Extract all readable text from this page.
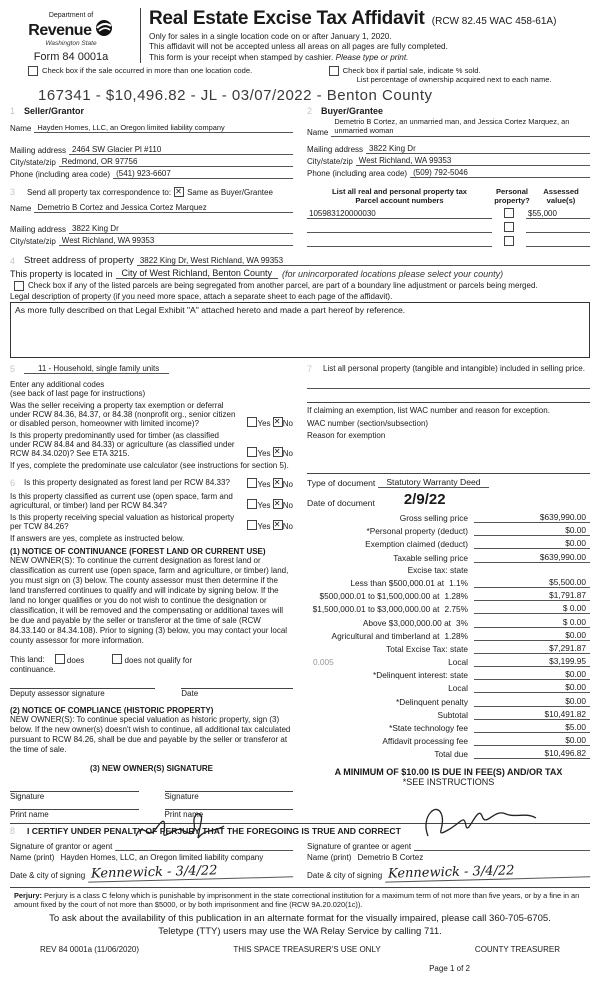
Department of
Revenue
Washington State
Form 84 0001a
Real Estate Excise Tax Affidavit (RCW 82.45 WAC 458-61A)
Only for sales in a single location code on or after January 1, 2020.
This affidavit will not be accepted unless all areas on all pages are fully completed.
This form is your receipt when stamped by cashier. Please type or print.
Check box if the sale occurred in more than one location code.	Check box if partial sale, indicate % sold.
List percentage of ownership acquired next to each name.
167341 - $10,496.82 - JL - 03/07/2022 - Benton County
1 Seller/Grantor
Name Hayden Homes, LLC, an Oregon limited liability company
Mailing address 2464 SW Glacier Pl #110
City/state/zip Redmond, OR 97756
Phone (including area code) (541) 923-6607
2 Buyer/Grantee
Name
Demetrio B Cortez, an unmarried man, and Jessica Cortez Marquez, an unmarried woman
Mailing address 3822 King Dr
City/state/zip West Richland, WA 99353
Phone (including area code) (509) 792-5046
3	Send all property tax correspondence to: ✕ Same as Buyer/Grantee
Name Demetrio B Cortez and Jessica Cortez Marquez
Mailing address 3822 King Dr
City/state/zip West Richland, WA 99353
List all real and personal property tax
Parcel account numbers
Personal
property?
Assessed
value(s)
105983120000030	$55,000
4 Street address of property 3822 King Dr, West Richland, WA 99353
This property is located in	City of West Richland, Benton County	(for unincorporated locations please select your county)
Check box if any of the listed parcels are being segregated from another parcel, are part of a boundary line adjustment or parcels being merged.
Legal description of property (if you need more space, attach a separate sheet to each page of the affidavit).
As more fully described on that Legal Exhibit "A" attached hereto and made a part hereof by reference.
5	11 - Household, single family units
Enter any additional codes
(see back of last page for instructions)
Was the seller receiving a property tax exemption or deferral under RCW 84.36, 84.37, or 84.38 (nonprofit org., senior citizen or disabled person, homeowner with limited income)?	Yes ✕ No
Is this property predominantly used for timber (as classified under RCW 84.84 and 84.33) or agriculture (as classified under RCW 84.34.020)? See ETA 3215.	Yes ✕ No
If yes, complete the predominate use calculator (see instructions for section 5).
6	Is this property designated as forest land per RCW 84.33?	Yes ✕ No
Is this property classified as current use (open space, farm and agricultural, or timber) land per RCW 84.34?	Yes ✕ No
Is this property receiving special valuation as historical property per TCW 84.26?	Yes ✕ No
If answers are yes, complete as instructed below.
(1) NOTICE OF CONTINUANCE (FOREST LAND OR CURRENT USE)
NEW OWNER(S): To continue the current designation as forest land or classification as current use (open space, farm and agriculture, or timber) land, you must sign on (3) below. The county assessor must then determine if the land transferred continues to qualify and will indicate by signing below. If the land no longer qualifies or you do not wish to continue the designation or classification, it will be removed and the compensating or additional taxes will be due and payable by the seller or transferor at the time of sale (RCW 84.33.140 or 84.34.108). Prior to signing (3) below, you may contact your local county assessor for more information.
This land:	does	does not qualify for
continuance.
Deputy assessor signature	Date
(2) NOTICE OF COMPLIANCE (HISTORIC PROPERTY)
NEW OWNER(S): To continue special valuation as historic property, sign (3) below. If the new owner(s) doesn't wish to continue, all additional tax calculated pursuant to RCW 84.26, shall be due and payable by the seller or transferor at the time of sale.
(3) NEW OWNER(S) SIGNATURE
Signature	Signature
Print name	Print name
7	List all personal property (tangible and intangible) included in selling price.
If claiming an exemption, list WAC number and reason for exception.
WAC number (section/subsection)
Reason for exemption
Type of document	Statutory Warranty Deed
Date of document 2/9/22
Gross selling price	$639,990.00
*Personal property (deduct)	$0.00
Exemption claimed (deduct)	$0.00
Taxable selling price	$639,990.00
Excise tax: state
Less than $500,000.01 at 1.1%	$5,500.00
$500,000.01 to $1,500,000.00 at 1.28%	$1,791.87
$1,500,000.01 to $3,000,000.00 at 2.75%	$ 0.00
Above $3,000,000.00 at 3%	$ 0.00
Agricultural and timberland at 1.28%	$0.00
Total Excise Tax: state	$7,291.87
0.005	Local	$3,199.95
*Delinquent interest: state	$0.00
Local	$0.00
*Delinquent penalty	$0.00
Subtotal	$10,491.82
*State technology fee	$5.00
Affidavit processing fee	$0.00
Total due	$10,496.82
A MINIMUM OF $10.00 IS DUE IN FEE(S) AND/OR TAX
*SEE INSTRUCTIONS
8	I CERTIFY UNDER PENALTY OF PERJURY THAT THE FOREGOING IS TRUE AND CORRECT
Signature of grantor or agent
Name (print) Hayden Homes, LLC, an Oregon limited liability company
Date & city of signing Kennewick - 3/4/22
Signature of grantee or agent
Name (print) Demetrio B Cortez
Date & city of signing Kennewick - 3/4/22
Perjury: Perjury is a class C felony which is punishable by imprisonment in the state correctional institution for a maximum term of not more than five years, or by a fine in an amount fixed by the court of not more than $5000, or by both imprisonment and fine (RCW 9A.20.020(1c)).
To ask about the availability of this publication in an alternate format for the visually impaired, please call 360-705-6705.
Teletype (TTY) users may use the WA Relay Service by calling 711.
REV 84 0001a (11/06/2020)	THIS SPACE TREASURER'S USE ONLY	COUNTY TREASURER
Page 1 of 2
